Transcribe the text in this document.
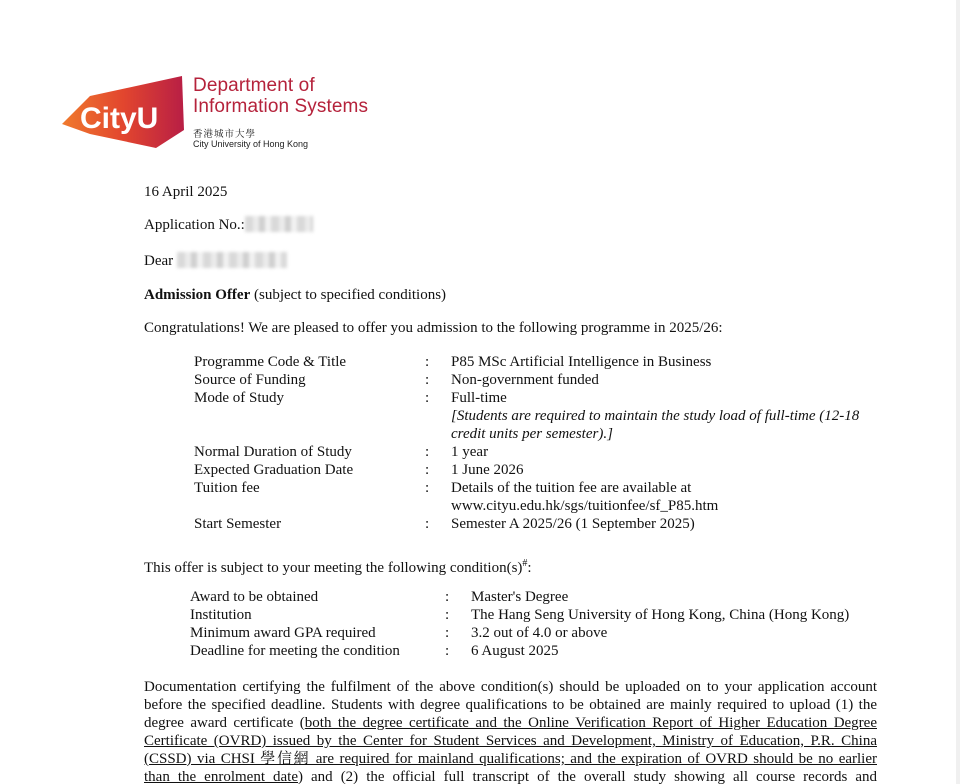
CityU
Department of
Information Systems
香港城市大學
City University of Hong Kong
16 April 2025
Application No.:
Dear
Admission Offer (subject to specified conditions)
Congratulations! We are pleased to offer you admission to the following programme in 2025/26:
Programme Code & Title	: P85 MSc Artificial Intelligence in Business
Source of Funding	: Non-government funded
Mode of Study	: Full-time
[Students are required to maintain the study load of full-time (12-18
credit units per semester).]
Normal Duration of Study	: 1 year
Expected Graduation Date	: 1 June 2026
Tuition fee	: Details of the tuition fee are available at
www.cityu.edu.hk/sgs/tuitionfee/sf_P85.htm
Start Semester	: Semester A 2025/26 (1 September 2025)
This offer is subject to your meeting the following condition(s)#:
Award to be obtained	: Master's Degree
Institution	: The Hang Seng University of Hong Kong, China (Hong Kong)
Minimum award GPA required	: 3.2 out of 4.0 or above
Deadline for meeting the condition	: 6 August 2025
Documentation certifying the fulfilment of the above condition(s) should be uploaded on to your application account
before the specified deadline. Students with degree qualifications to be obtained are mainly required to upload (1) the
degree award certificate (both the degree certificate and the Online Verification Report of Higher Education Degree
Certificate (OVRD) issued by the Center for Student Services and Development, Ministry of Education, P.R. China
(CSSD) via CHSI 學信網 are required for mainland qualifications; and the expiration of OVRD should be no earlier
than the enrolment date) and (2) the official full transcript of the overall study showing all course records and
